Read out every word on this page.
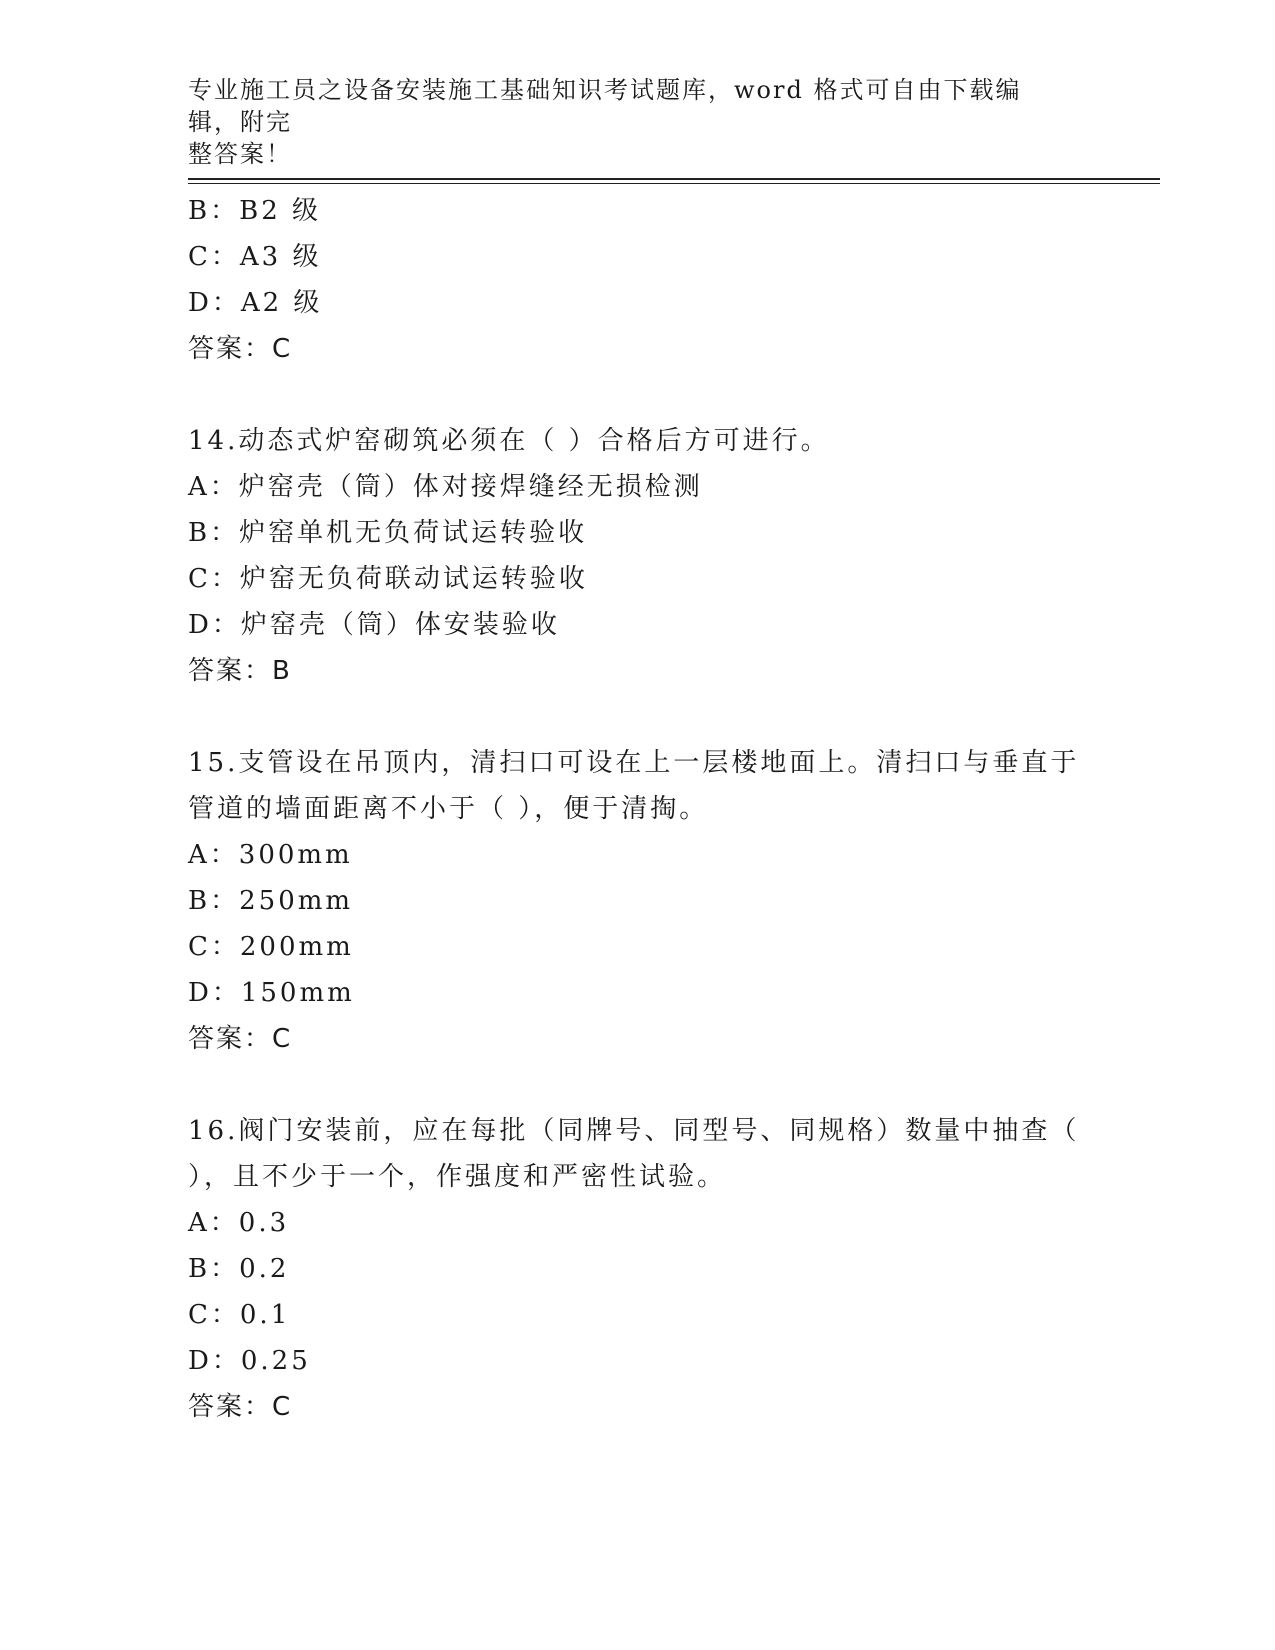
专业施工员之设备安装施工基础知识考试题库，word 格式可自由下载编辑，附完
整答案！

B：B2 级

C：A3 级

D：A2 级

答案：C

14.动态式炉窑砌筑必须在（ ）合格后方可进行。

A：炉窑壳（筒）体对接焊缝经无损检测

B：炉窑单机无负荷试运转验收

C：炉窑无负荷联动试运转验收

D：炉窑壳（筒）体安装验收

答案：B

15.支管设在吊顶内，清扫口可设在上一层楼地面上。清扫口与垂直于

管道的墙面距离不小于（ ），便于清掏。

A：300mm

B：250mm

C：200mm

D：150mm

答案：C

16.阀门安装前，应在每批（同牌号、同型号、同规格）数量中抽查（

），且不少于一个，作强度和严密性试验。

A：0.3

B：0.2

C：0.1

D：0.25

答案：C
